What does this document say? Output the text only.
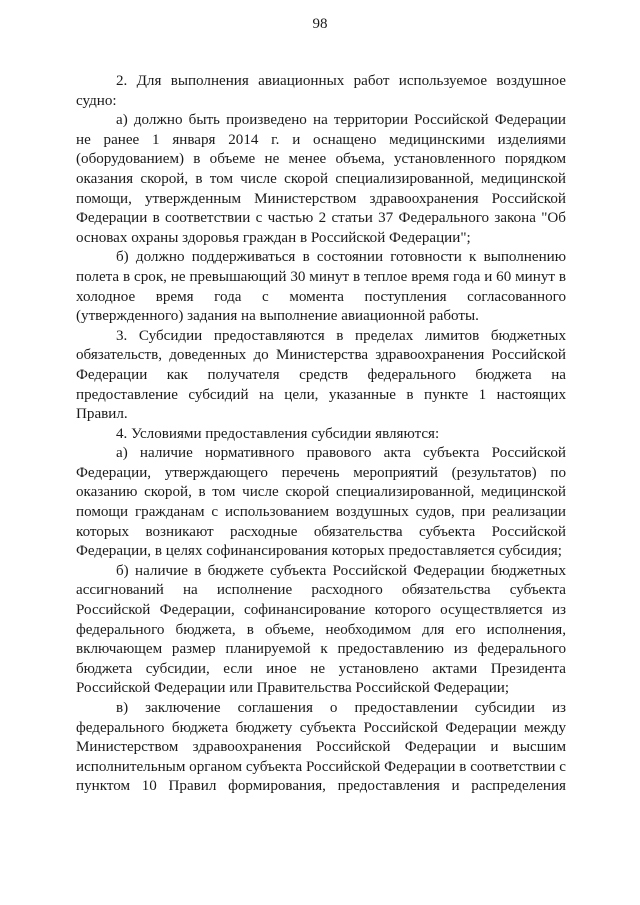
98

2. Для выполнения авиационных работ используемое воздушное судно:

а) должно быть произведено на территории Российской Федерации не ранее 1 января 2014 г. и оснащено медицинскими изделиями (оборудованием) в объеме не менее объема, установленного порядком оказания скорой, в том числе скорой специализированной, медицинской помощи, утвержденным Министерством здравоохранения Российской Федерации в соответствии с частью 2 статьи 37 Федерального закона "Об основах охраны здоровья граждан в Российской Федерации";

б) должно поддерживаться в состоянии готовности к выполнению полета в срок, не превышающий 30 минут в теплое время года и 60 минут в холодное время года с момента поступления согласованного (утвержденного) задания на выполнение авиационной работы.

3. Субсидии предоставляются в пределах лимитов бюджетных обязательств, доведенных до Министерства здравоохранения Российской Федерации как получателя средств федерального бюджета на предоставление субсидий на цели, указанные в пункте 1 настоящих Правил.

4. Условиями предоставления субсидии являются:

а) наличие нормативного правового акта субъекта Российской Федерации, утверждающего перечень мероприятий (результатов) по оказанию скорой, в том числе скорой специализированной, медицинской помощи гражданам с использованием воздушных судов, при реализации которых возникают расходные обязательства субъекта Российской Федерации, в целях софинансирования которых предоставляется субсидия;

б) наличие в бюджете субъекта Российской Федерации бюджетных ассигнований на исполнение расходного обязательства субъекта Российской Федерации, софинансирование которого осуществляется из федерального бюджета, в объеме, необходимом для его исполнения, включающем размер планируемой к предоставлению из федерального бюджета субсидии, если иное не установлено актами Президента Российской Федерации или Правительства Российской Федерации;

в) заключение соглашения о предоставлении субсидии из федерального бюджета бюджету субъекта Российской Федерации между Министерством здравоохранения Российской Федерации и высшим исполнительным органом субъекта Российской Федерации в соответствии с пунктом 10 Правил формирования, предоставления и распределения
